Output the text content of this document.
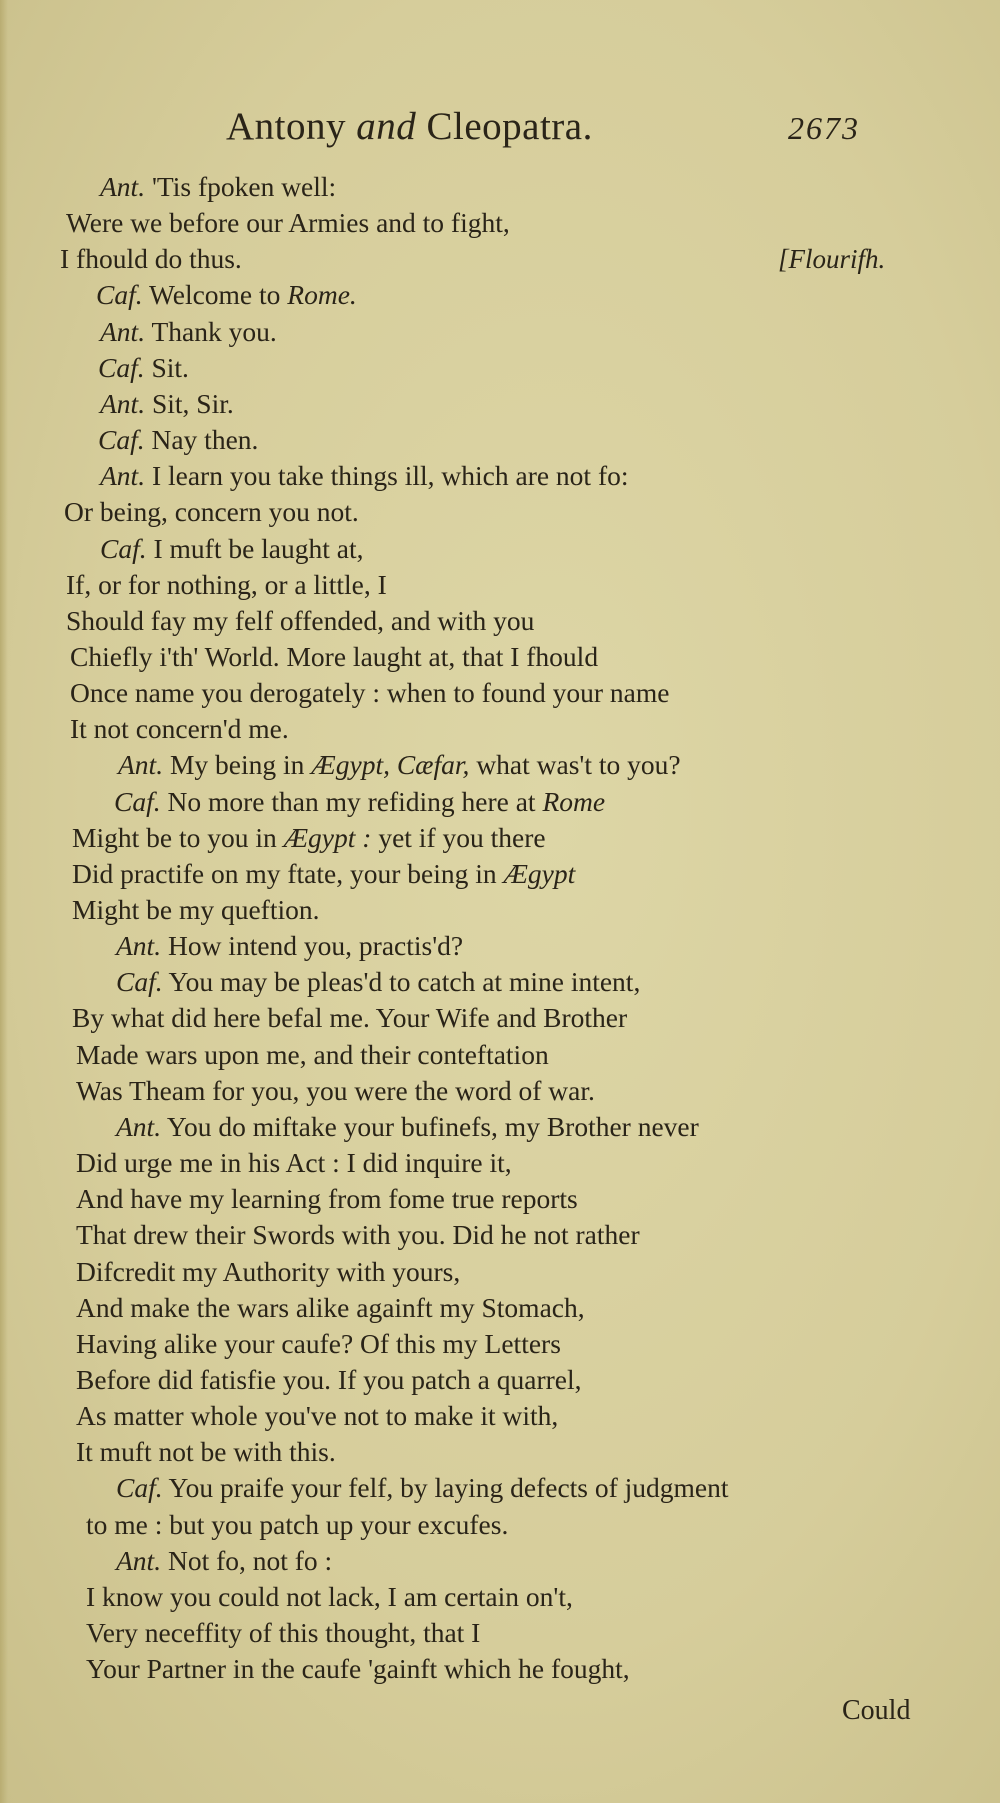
Antony and Cleopatra.	2673
[Flourifh.
Ant. 'Tis fpoken well:
Were we before our Armies and to fight,
I fhould do thus.
Caf. Welcome to Rome.
Ant. Thank you.
Caf. Sit.
Ant. Sit, Sir.
Caf. Nay then.
Ant. I learn you take things ill, which are not fo:
Or being, concern you not.
Caf. I muft be laught at,
If, or for nothing, or a little, I
Should fay my felf offended, and with you
Chiefly i'th' World. More laught at, that I fhould
Once name you derogately : when to found your name
It not concern'd me.
Ant. My being in Ægypt, Cæfar, what was't to you?
Caf. No more than my refiding here at Rome
Might be to you in Ægypt : yet if you there
Did practife on my ftate, your being in Ægypt
Might be my queftion.
Ant. How intend you, practis'd?
Caf. You may be pleas'd to catch at mine intent,
By what did here befal me. Your Wife and Brother
Made wars upon me, and their conteftation
Was Theam for you, you were the word of war.
Ant. You do miftake your bufinefs, my Brother never
Did urge me in his Act : I did inquire it,
And have my learning from fome true reports
That drew their Swords with you. Did he not rather
Difcredit my Authority with yours,
And make the wars alike againft my Stomach,
Having alike your caufe? Of this my Letters
Before did fatisfie you. If you patch a quarrel,
As matter whole you've not to make it with,
It muft not be with this.
Caf. You praife your felf, by laying defects of judgment
to me : but you patch up your excufes.
Ant. Not fo, not fo :
I know you could not lack, I am certain on't,
Very neceffity of this thought, that I
Your Partner in the caufe 'gainft which he fought,
Could
